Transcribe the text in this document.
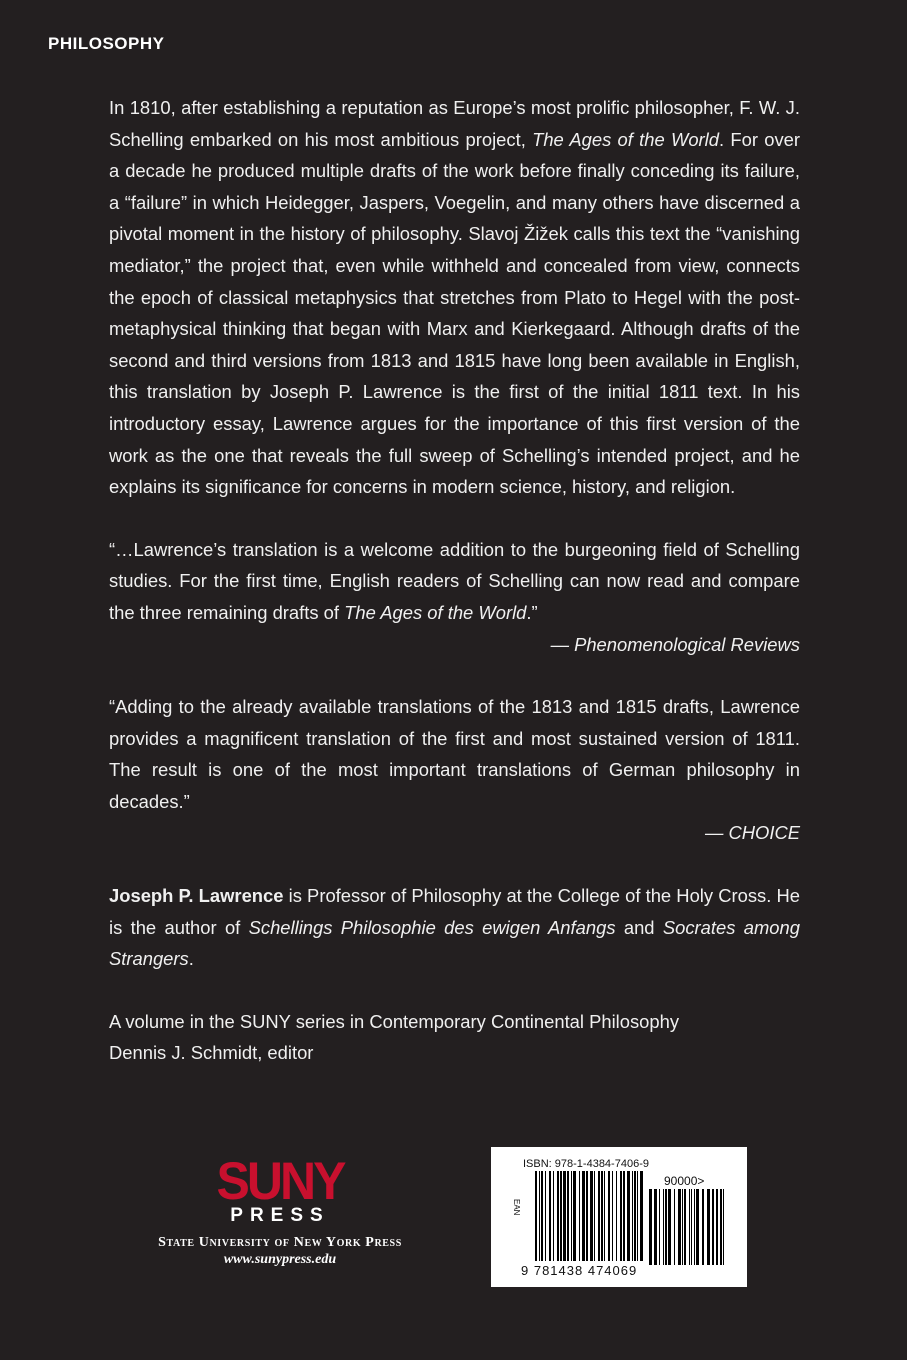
PHILOSOPHY

In 1810, after establishing a reputation as Europe’s most prolific philosopher, F. W. J. Schelling embarked on his most ambitious project, The Ages of the World. For over a decade he produced multiple drafts of the work before finally conceding its failure, a “failure” in which Heidegger, Jaspers, Voegelin, and many others have discerned a pivotal moment in the history of philosophy. Slavoj Žižek calls this text the “vanishing mediator,” the project that, even while withheld and concealed from view, connects the epoch of classical metaphysics that stretches from Plato to Hegel with the post-metaphysical thinking that began with Marx and Kierkegaard. Although drafts of the second and third versions from 1813 and 1815 have long been available in English, this translation by Joseph P. Lawrence is the first of the initial 1811 text. In his introductory essay, Lawrence argues for the importance of this first version of the work as the one that reveals the full sweep of Schelling’s intended project, and he explains its significance for concerns in modern science, history, and religion.

“…Lawrence’s translation is a welcome addition to the burgeoning field of Schelling studies. For the first time, English readers of Schelling can now read and compare the three remaining drafts of The Ages of the World.”

— Phenomenological Reviews

“Adding to the already available translations of the 1813 and 1815 drafts, Lawrence provides a magnificent translation of the first and most sustained version of 1811. The result is one of the most important translations of German philosophy in decades.”

— CHOICE

Joseph P. Lawrence is Professor of Philosophy at the College of the Holy Cross. He is the author of Schellings Philosophie des ewigen Anfangs and Socrates among Strangers.

A volume in the SUNY series in Contemporary Continental Philosophy

Dennis J. Schmidt, editor

SUNY
PRESS
State University of New York Press
www.sunypress.edu
ISBN: 978-1-4384-7406-9
EAN
90000>
9 781438 474069
